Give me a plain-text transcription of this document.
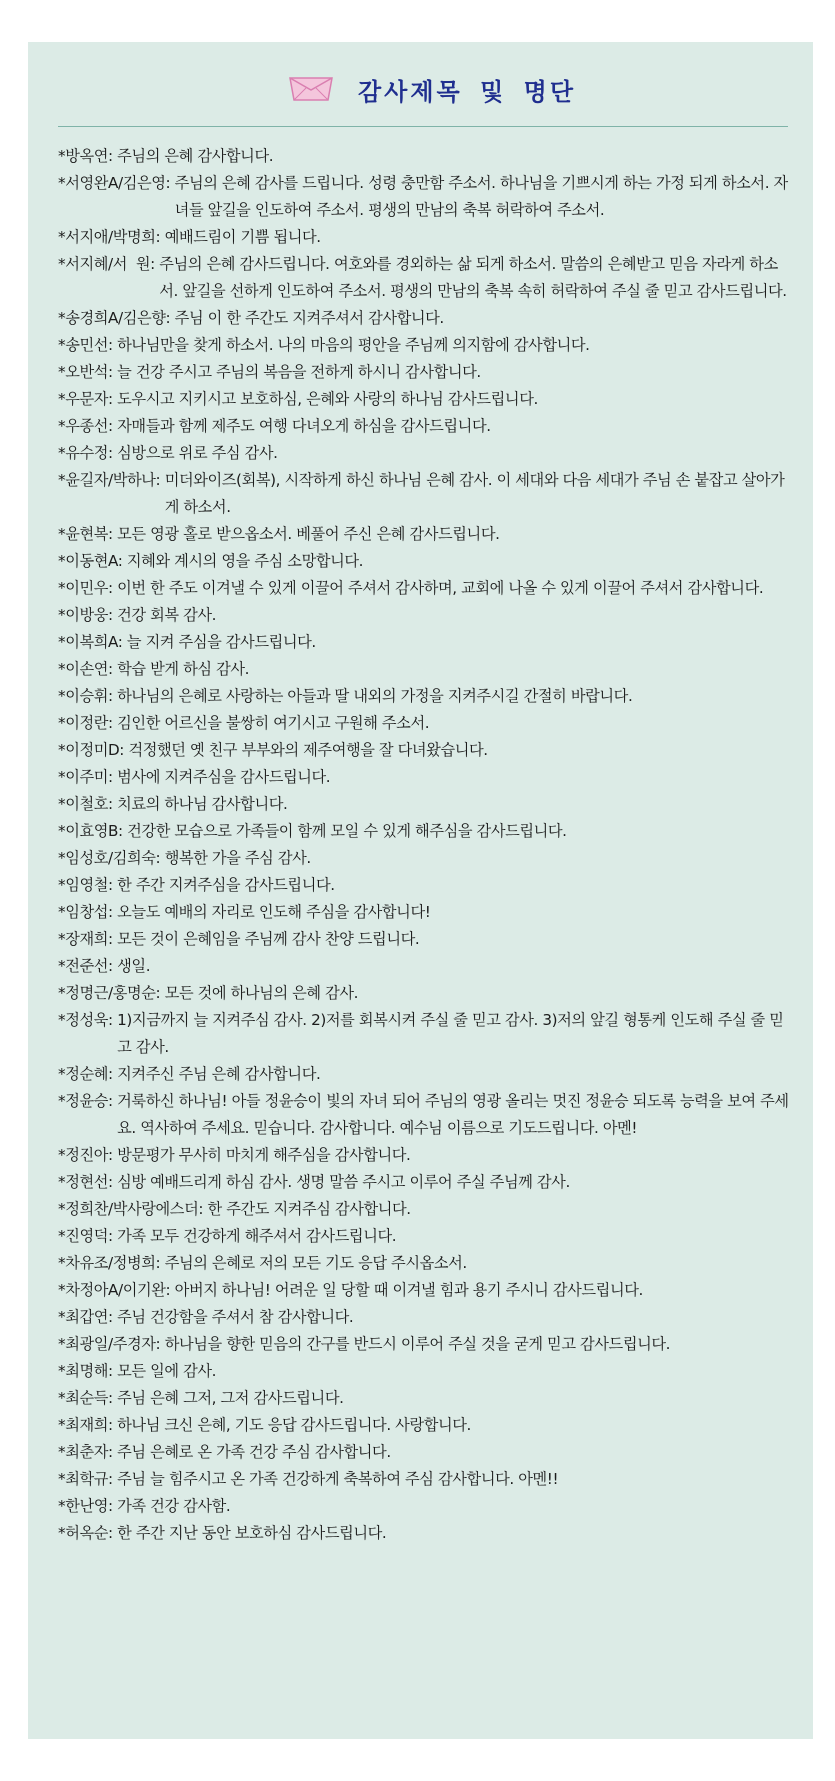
감사제목 및 명단
*방옥연: 주님의 은혜 감사합니다.
*서영완A/김은영: 주님의 은혜 감사를 드립니다. 성령 충만함 주소서. 하나님을 기쁘시게 하는 가정 되게 하소서. 자녀들 앞길을 인도하여 주소서. 평생의 만남의 축복 허락하여 주소서.
*서지애/박명희: 예배드림이 기쁨 됩니다.
*서지혜/서  원: 주님의 은혜 감사드립니다. 여호와를 경외하는 삶 되게 하소서. 말씀의 은혜받고 믿음 자라게 하소서. 앞길을 선하게 인도하여 주소서. 평생의 만남의 축복 속히 허락하여 주실 줄 믿고 감사드립니다.
*송경희A/김은향: 주님 이 한 주간도 지켜주셔서 감사합니다.
*송민선: 하나님만을 찾게 하소서. 나의 마음의 평안을 주님께 의지함에 감사합니다.
*오반석: 늘 건강 주시고 주님의 복음을 전하게 하시니 감사합니다.
*우문자: 도우시고 지키시고 보호하심, 은혜와 사랑의 하나님 감사드립니다.
*우종선: 자매들과 함께 제주도 여행 다녀오게 하심을 감사드립니다.
*유수정: 심방으로 위로 주심 감사.
*윤길자/박하나: 미더와이즈(회복), 시작하게 하신 하나님 은혜 감사. 이 세대와 다음 세대가 주님 손 붙잡고 살아가게 하소서.
*윤현복: 모든 영광 홀로 받으옵소서. 베풀어 주신 은혜 감사드립니다.
*이동현A: 지혜와 계시의 영을 주심 소망합니다.
*이민우: 이번 한 주도 이겨낼 수 있게 이끌어 주셔서 감사하며, 교회에 나올 수 있게 이끌어 주셔서 감사합니다.
*이방웅: 건강 회복 감사.
*이복희A: 늘 지켜 주심을 감사드립니다.
*이손연: 학습 받게 하심 감사.
*이승휘: 하나님의 은혜로 사랑하는 아들과 딸 내외의 가정을 지켜주시길 간절히 바랍니다.
*이정란: 김인한 어르신을 불쌍히 여기시고 구원해 주소서.
*이정미D: 걱정했던 옛 친구 부부와의 제주여행을 잘 다녀왔습니다.
*이주미: 범사에 지켜주심을 감사드립니다.
*이철호: 치료의 하나님 감사합니다.
*이효영B: 건강한 모습으로 가족들이 함께 모일 수 있게 해주심을 감사드립니다.
*임성호/김희숙: 행복한 가을 주심 감사.
*임영철: 한 주간 지켜주심을 감사드립니다.
*임창섭: 오늘도 예배의 자리로 인도해 주심을 감사합니다!
*장재희: 모든 것이 은혜임을 주님께 감사 찬양 드립니다.
*전준선: 생일.
*정명근/홍명순: 모든 것에 하나님의 은혜 감사.
*정성욱: 1)지금까지 늘 지켜주심 감사. 2)저를 회복시켜 주실 줄 믿고 감사. 3)저의 앞길 형통케 인도해 주실 줄 믿고 감사.
*정순혜: 지켜주신 주님 은혜 감사합니다.
*정윤승: 거룩하신 하나님! 아들 정윤승이 빛의 자녀 되어 주님의 영광 올리는 멋진 정윤승 되도록 능력을 보여 주세요. 역사하여 주세요. 믿습니다. 감사합니다. 예수님 이름으로 기도드립니다. 아멘!
*정진아: 방문평가 무사히 마치게 해주심을 감사합니다.
*정현선: 심방 예배드리게 하심 감사. 생명 말씀 주시고 이루어 주실 주님께 감사.
*정희찬/박사랑에스더: 한 주간도 지켜주심 감사합니다.
*진영덕: 가족 모두 건강하게 해주셔서 감사드립니다.
*차유조/정병희: 주님의 은혜로 저의 모든 기도 응답 주시옵소서.
*차정아A/이기완: 아버지 하나님! 어려운 일 당할 때 이겨낼 힘과 용기 주시니 감사드립니다.
*최갑연: 주님 건강함을 주셔서 참 감사합니다.
*최광일/주경자: 하나님을 향한 믿음의 간구를 반드시 이루어 주실 것을 굳게 믿고 감사드립니다.
*최명해: 모든 일에 감사.
*최순득: 주님 은혜 그저, 그저 감사드립니다.
*최재희: 하나님 크신 은혜, 기도 응답 감사드립니다. 사랑합니다.
*최춘자: 주님 은혜로 온 가족 건강 주심 감사합니다.
*최학규: 주님 늘 힘주시고 온 가족 건강하게 축복하여 주심 감사합니다. 아멘!!
*한난영: 가족 건강 감사함.
*허옥순: 한 주간 지난 동안 보호하심 감사드립니다.
